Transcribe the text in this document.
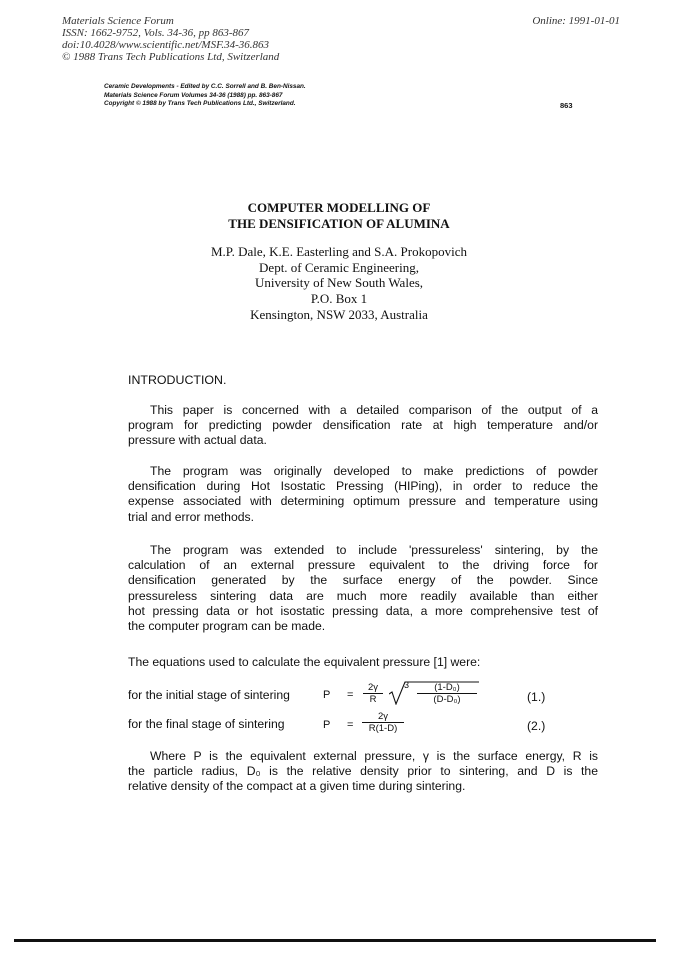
Materials Science Forum
ISSN: 1662-9752, Vols. 34-36, pp 863-867
doi:10.4028/www.scientific.net/MSF.34-36.863
© 1988 Trans Tech Publications Ltd, Switzerland
Online: 1991-01-01
Ceramic Developments - Edited by C.C. Sorrell and B. Ben-Nissan.
Materials Science Forum Volumes 34-36 (1988) pp. 863-867
Copyright © 1988 by Trans Tech Publications Ltd., Switzerland.	863
COMPUTER MODELLING OF
THE DENSIFICATION OF ALUMINA
M.P. Dale, K.E. Easterling and S.A. Prokopovich
Dept. of Ceramic Engineering,
University of New South Wales,
P.O. Box 1
Kensington, NSW 2033, Australia
INTRODUCTION.
This paper is concerned with a detailed comparison of the output of a
program for predicting powder densification rate at high temperature and/or
pressure with actual data.
The program was originally developed to make predictions of powder
densification during Hot Isostatic Pressing (HIPing), in order to reduce the
expense associated with determining optimum pressure and temperature using
trial and error methods.
The program was extended to include 'pressureless' sintering, by the
calculation of an external pressure equivalent to the driving force for
densification generated by the surface energy of the powder. Since
pressureless sintering data are much more readily available than either
hot pressing data or hot isostatic pressing data, a more comprehensive test of
the computer program can be made.
The equations used to calculate the equivalent pressure [1] were:
for the initial stage of sintering	$P = \frac{2\gamma}{R} 3 \frac{\text{(1-D₀)}}{\text{(D-D₀)}}$	(1.)
for the final stage of sintering	$P = \frac{2\gamma}{R(1-D)}$	(2.)
Where P is the equivalent external pressure, γ is the surface energy, R is
the particle radius, D₀ is the relative density prior to sintering, and D is the
relative density of the compact at a given time during sintering.
